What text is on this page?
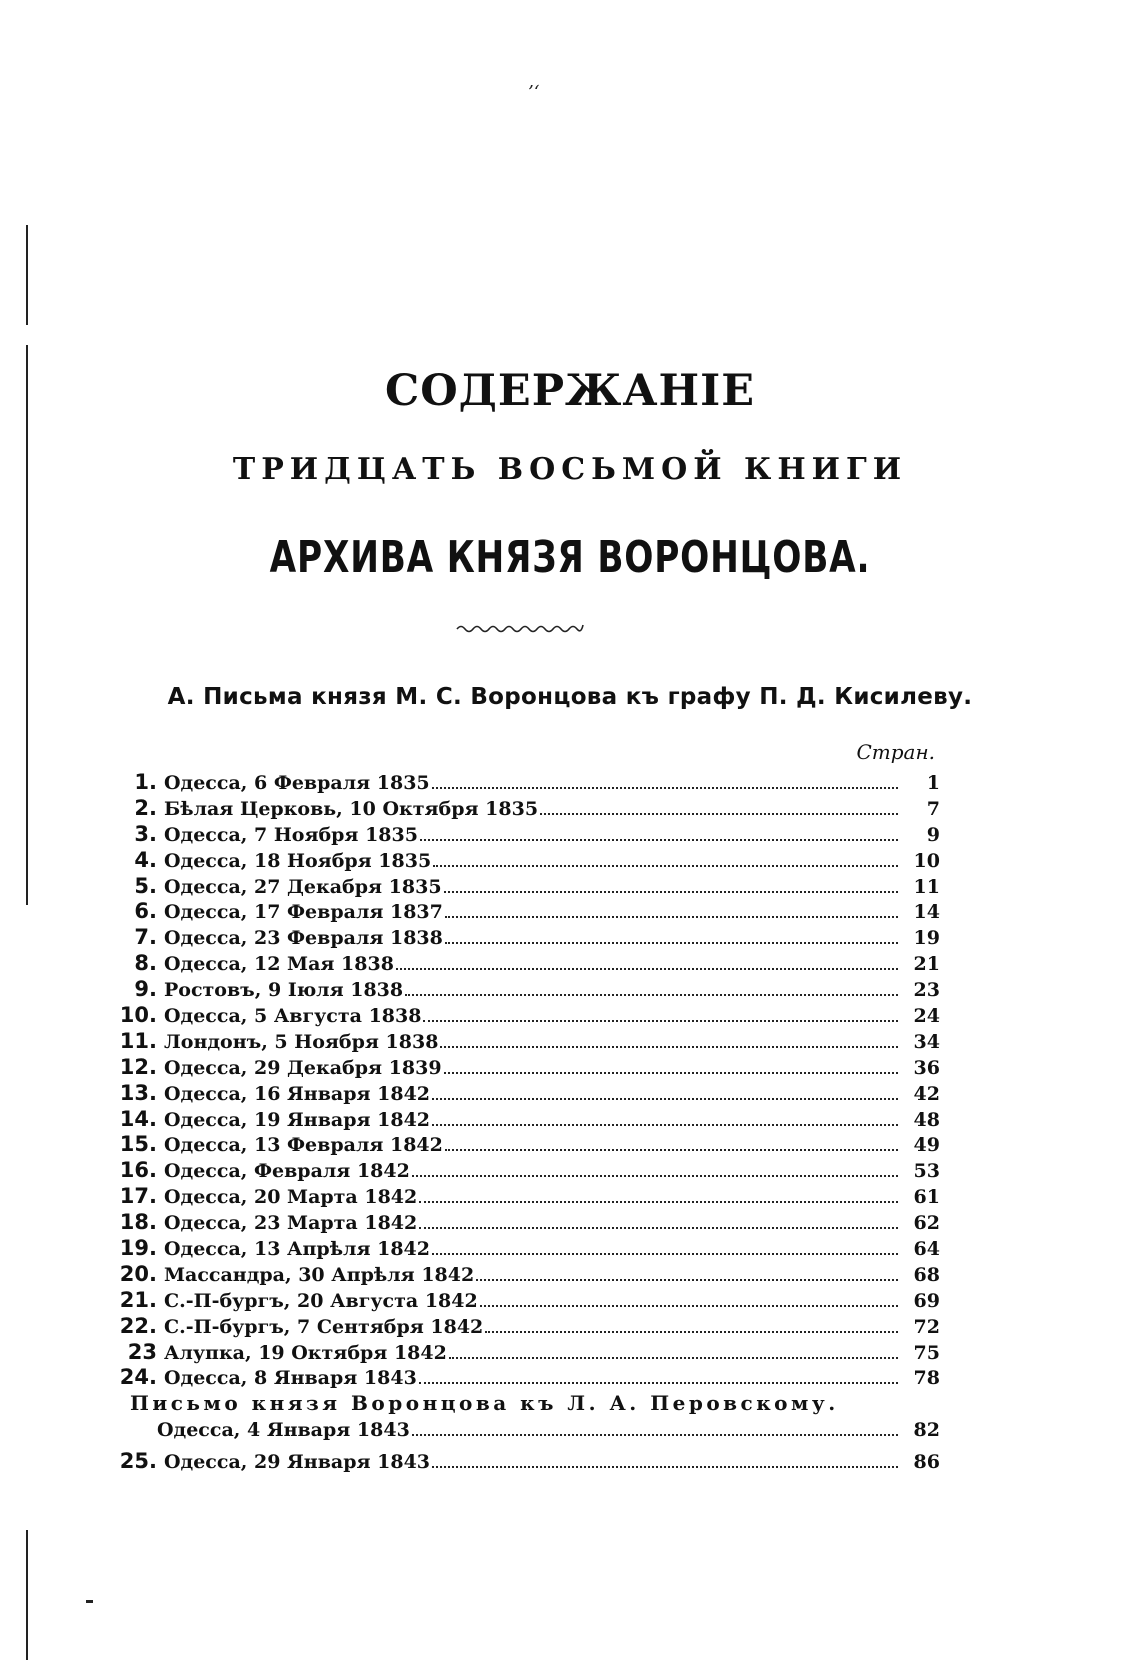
’‘
СОДЕРЖАНІЕ
ТРИДЦАТЬ ВОСЬМОЙ КНИГИ
АРХИВА КНЯЗЯ ВОРОНЦОВА.
А. Письма князя М. С. Воронцова къ графу П. Д. Кисилеву.
Стран.
1. Одесса, 6 Февраля 1835	1
2. Бѣлая Церковь, 10 Октября 1835	7
3. Одесса, 7 Ноября 1835	9
4. Одесса, 18 Ноября 1835	10
5. Одесса, 27 Декабря 1835	11
6. Одесса, 17 Февраля 1837	14
7. Одесса, 23 Февраля 1838	19
8. Одесса, 12 Мая 1838	21
9. Ростовъ, 9 Іюля 1838	23
10. Одесса, 5 Августа 1838	24
11. Лондонъ, 5 Ноября 1838	34
12. Одесса, 29 Декабря 1839	36
13. Одесса, 16 Января 1842	42
14. Одесса, 19 Января 1842	48
15. Одесса, 13 Февраля 1842	49
16. Одесса, Февраля 1842	53
17. Одесса, 20 Марта 1842	61
18. Одесса, 23 Марта 1842	62
19. Одесса, 13 Апрѣля 1842	64
20. Массандра, 30 Апрѣля 1842	68
21. С.-П-бургъ, 20 Августа 1842	69
22. С.-П-бургъ, 7 Сентября 1842	72
23 Алупка, 19 Октября 1842	75
24. Одесса, 8 Января 1843	78
Письмо князя Воронцова къ Л. А. Перовскому.
Одесса, 4 Января 1843	82
25. Одесса, 29 Января 1843	86
